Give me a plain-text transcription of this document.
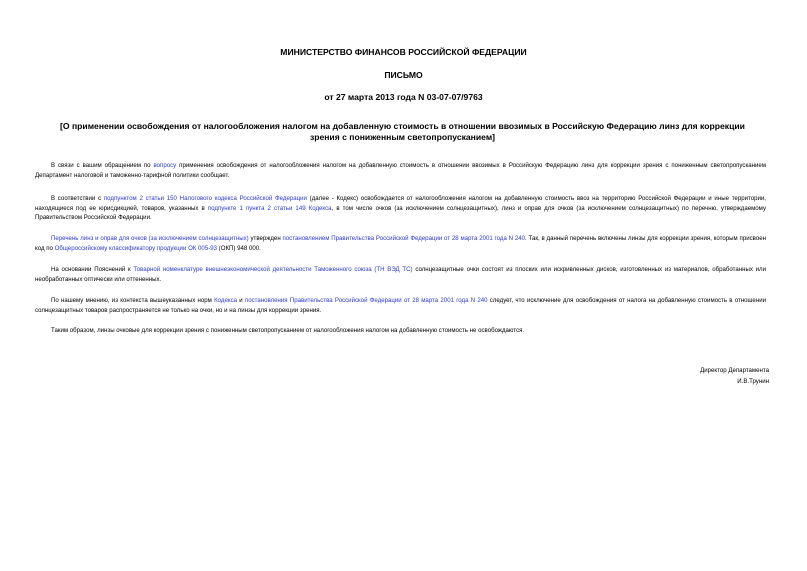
МИНИСТЕРСТВО ФИНАНСОВ РОССИЙСКОЙ ФЕДЕРАЦИИ

ПИСЬМО

от 27 марта 2013 года N 03-07-07/9763

[О применении освобождения от налогообложения налогом на добавленную стоимость в отношении ввозимых в Российскую Федерацию линз для коррекции зрения с пониженным светопропусканием]

В связи с вашим обращением по вопросу применения освобождения от налогообложения налогом на добавленную стоимость в отношении ввозимых в Российскую Федерацию линз для коррекции зрения с пониженным светопропусканием Департамент налоговой и таможенно-тарифной политики сообщает.

В соответствии с подпунктом 2 статьи 150 Налогового кодекса Российской Федерации (далее - Кодекс) освобождается от налогообложения налогом на добавленную стоимость ввоз на территорию Российской Федерации и иные территории, находящиеся под ее юрисдикцией, товаров, указанных в подпункте 1 пункта 2 статьи 149 Кодекса, в том числе очков (за исключением солнцезащитных), линз и оправ для очков (за исключением солнцезащитных) по перечню, утверждаемому Правительством Российской Федерации.

Перечень линз и оправ для очков (за исключением солнцезащитных) утвержден постановлением Правительства Российской Федерации от 28 марта 2001 года N 240. Так, в данный перечень включены линзы для коррекции зрения, которым присвоен код по Общероссийскому классификатору продукции ОК 005-93 (ОКП) 948 000.

На основании Пояснений к Товарной номенклатуре внешнеэкономической деятельности Таможенного союза (ТН ВЭД ТС) солнцезащитные очки состоят из плоских или искривленных дисков, изготовленных из материалов, обработанных или необработанных оптически или оттененных.

По нашему мнению, из контекста вышеуказанных норм Кодекса и постановления Правительства Российской Федерации от 28 марта 2001 года N 240 следует, что исключение для освобождения от налога на добавленную стоимость в отношении солнцезащитных товаров распространяется не только на очки, но и на линзы для коррекции зрения.

Таким образом, линзы очковые для коррекции зрения с пониженным светопропусканием от налогообложения налогом на добавленную стоимость не освобождаются.

Директор Департамента

И.В.Трунин
